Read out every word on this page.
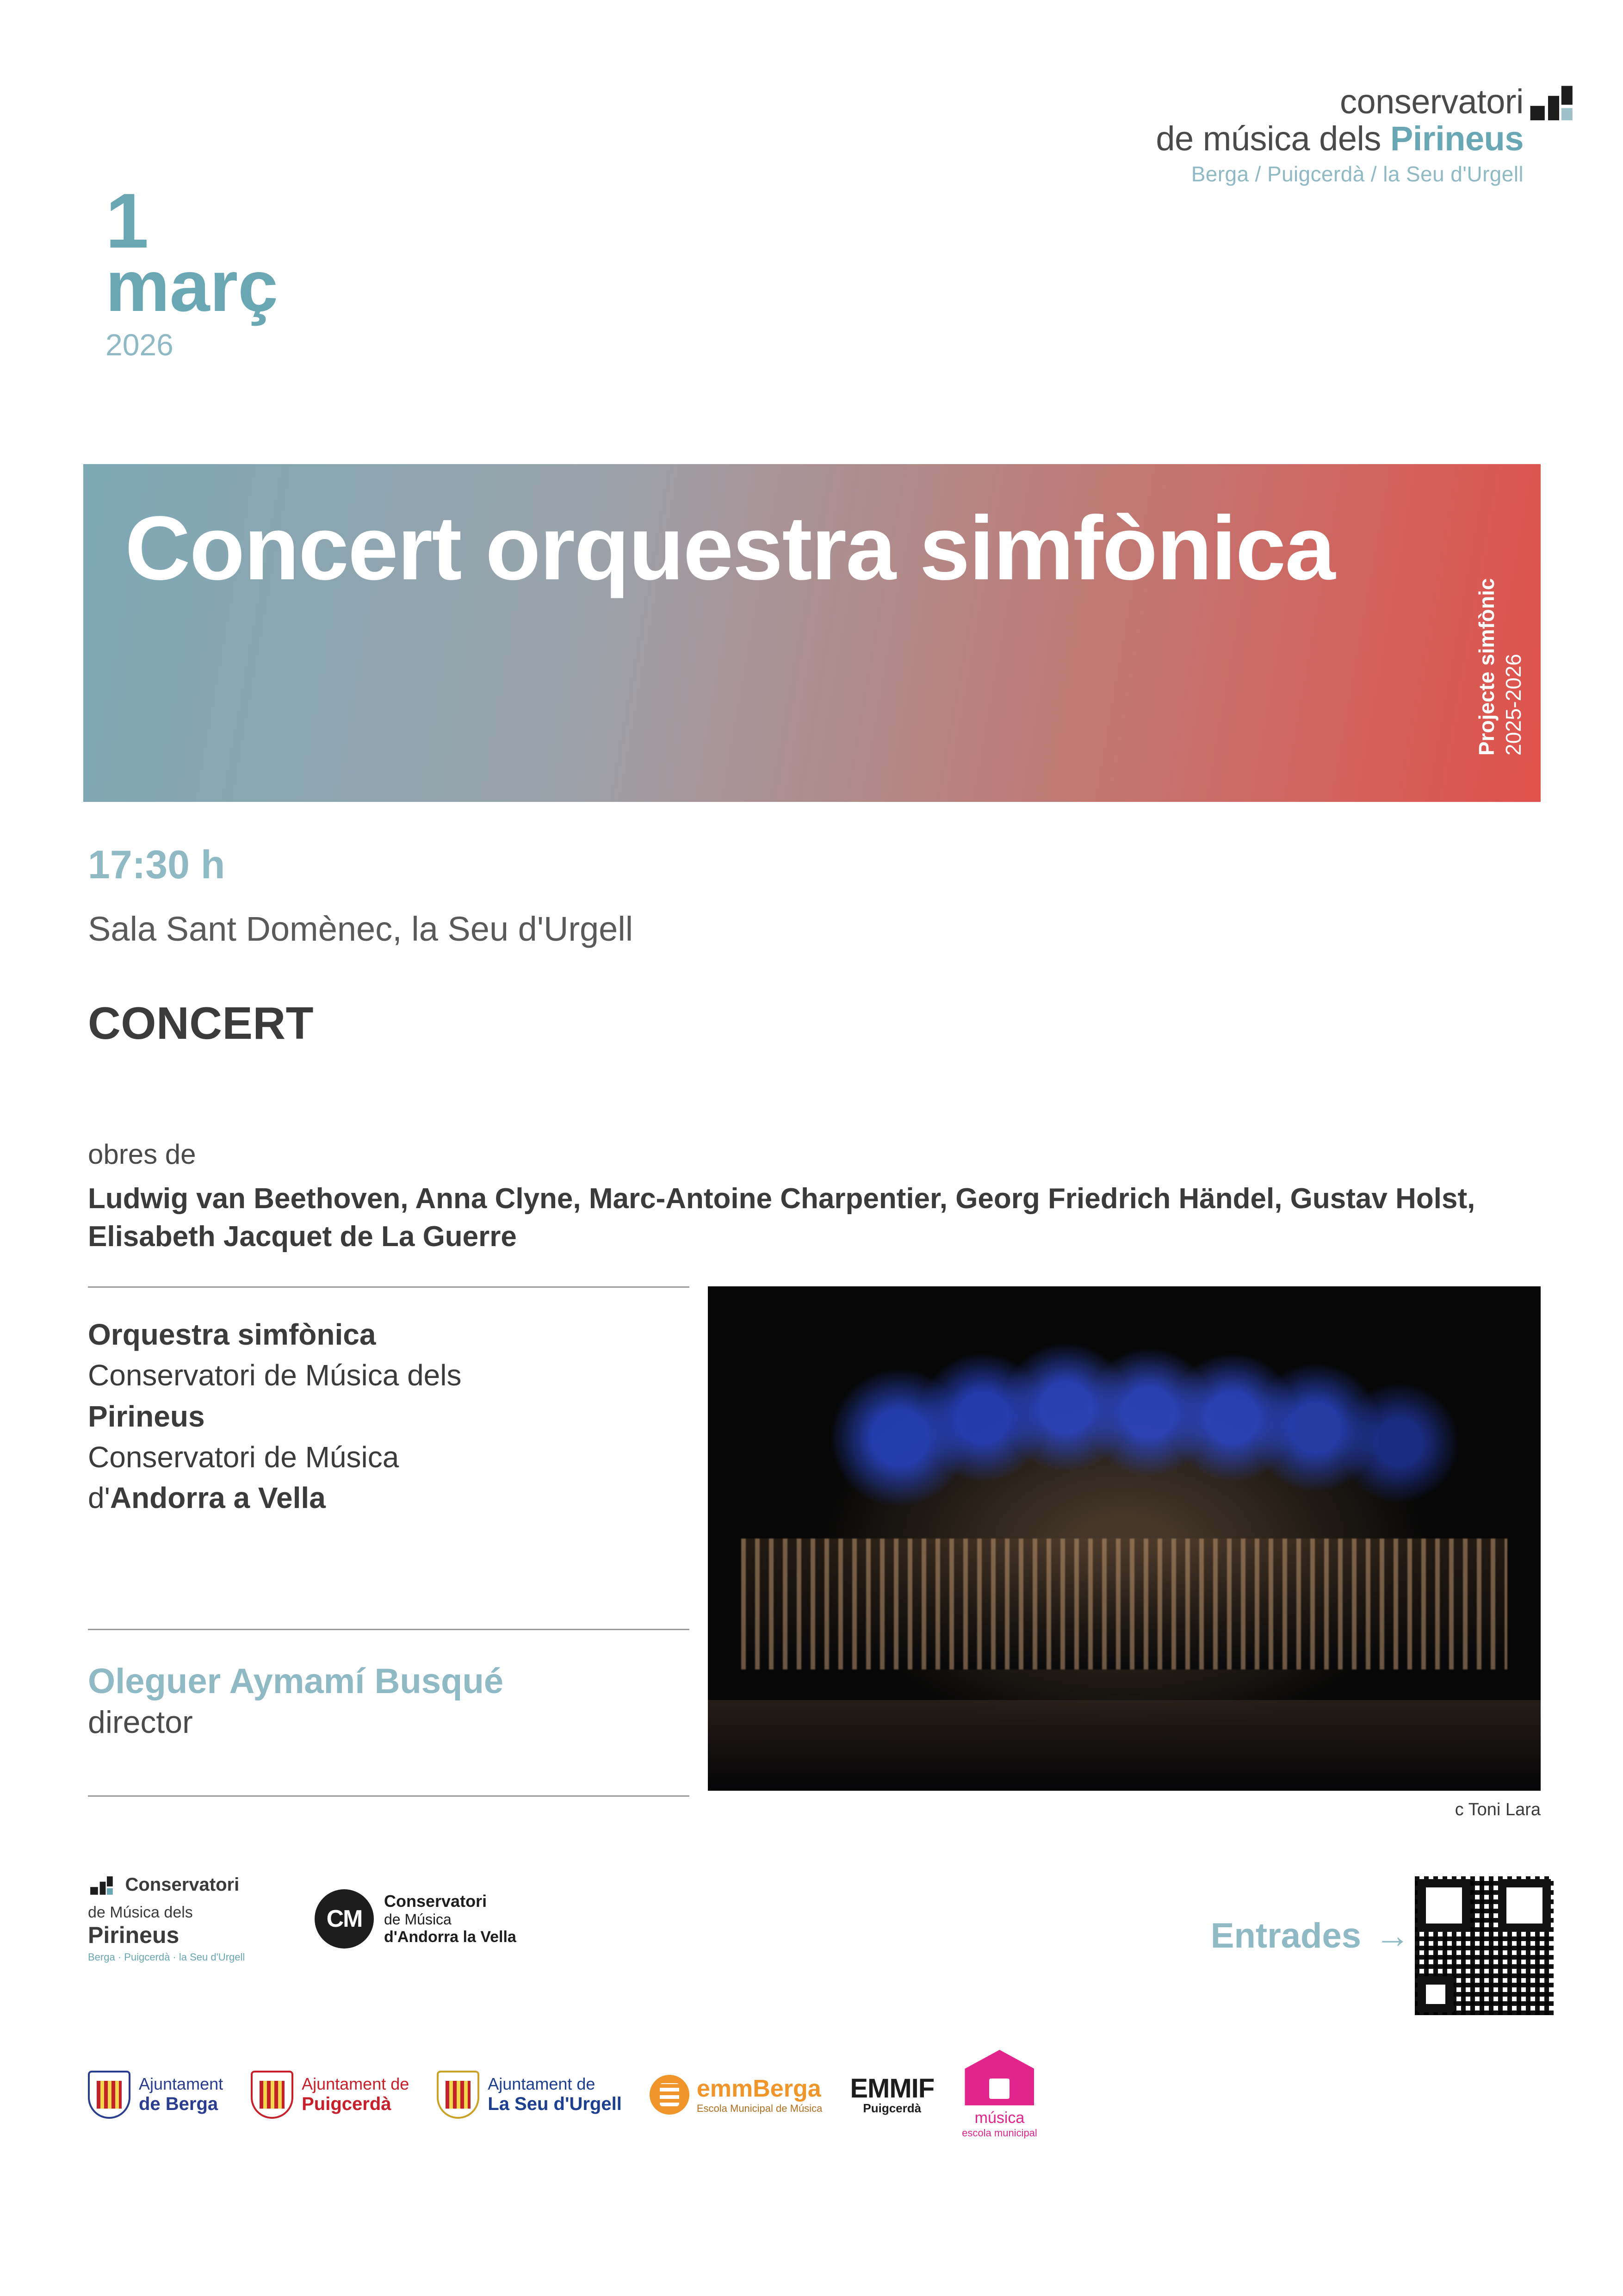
conservatori
de música dels Pirineus
Berga / Puigcerdà / la Seu d'Urgell
1
març
2026
Concert orquestra simfònica
Projecte simfònic 2025-2026
17:30 h
Sala Sant Domènec, la Seu d'Urgell
CONCERT
obres de
Ludwig van Beethoven, Anna Clyne, Marc-Antoine Charpentier, Georg Friedrich Händel, Gustav Holst, Elisabeth Jacquet de La Guerre
Orquestra simfònica
Conservatori de Música dels
Pirineus
Conservatori de Música
d'Andorra a Vella
Oleguer Aymamí Busqué
director
c Toni Lara
Conservatori
de Música dels
Pirineus
Berga · Puigcerdà · la Seu d'Urgell
CM
Conservatori
de Música
d'Andorra la Vella	Entrades →
Ajuntament
de Berga
Ajuntament de
Puigcerdà
Ajuntament de
La Seu d'Urgell
emmBerga
Escola Municipal de Música
EMMIF
Puigcerdà
música
escola municipal
